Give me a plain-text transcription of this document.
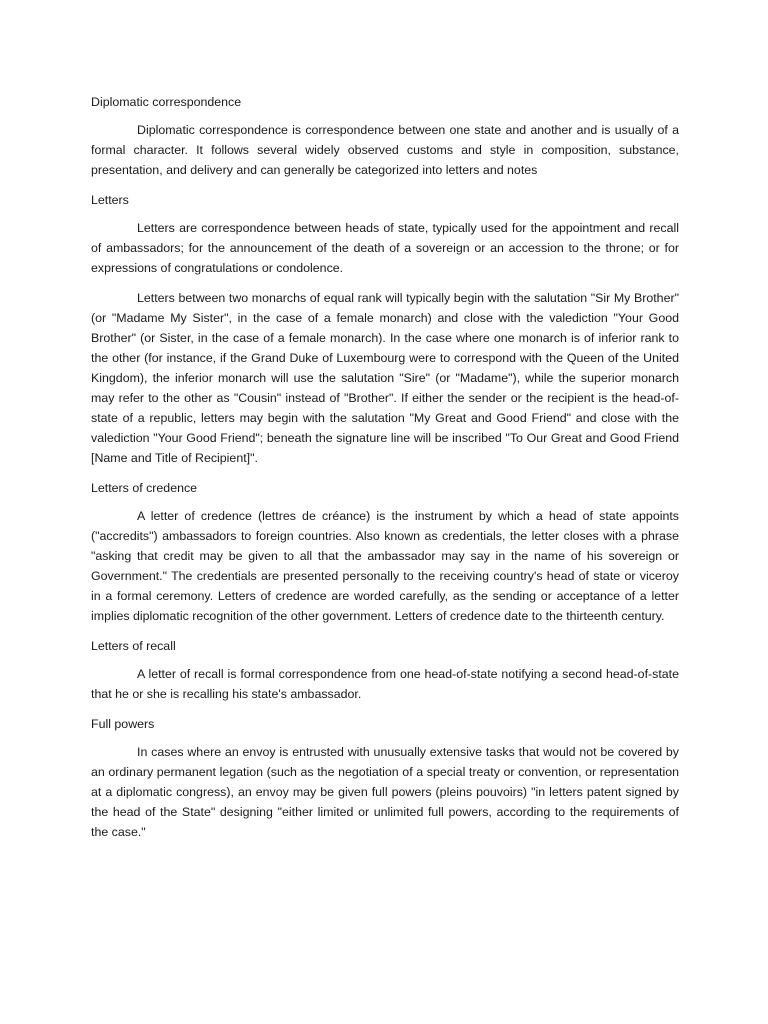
Diplomatic correspondence

Diplomatic correspondence is correspondence between one state and another and is usually of a formal character. It follows several widely observed customs and style in composition, substance, presentation, and delivery and can generally be categorized into letters and notes

Letters

Letters are correspondence between heads of state, typically used for the appointment and recall of ambassadors; for the announcement of the death of a sovereign or an accession to the throne; or for expressions of congratulations or condolence.

Letters between two monarchs of equal rank will typically begin with the salutation "Sir My Brother" (or "Madame My Sister", in the case of a female monarch) and close with the valediction "Your Good Brother" (or Sister, in the case of a female monarch). In the case where one monarch is of inferior rank to the other (for instance, if the Grand Duke of Luxembourg were to correspond with the Queen of the United Kingdom), the inferior monarch will use the salutation "Sire" (or "Madame"), while the superior monarch may refer to the other as "Cousin" instead of "Brother". If either the sender or the recipient is the head-of-state of a republic, letters may begin with the salutation "My Great and Good Friend" and close with the valediction "Your Good Friend"; beneath the signature line will be inscribed "To Our Great and Good Friend [Name and Title of Recipient]".

Letters of credence

A letter of credence (lettres de créance) is the instrument by which a head of state appoints ("accredits") ambassadors to foreign countries. Also known as credentials, the letter closes with a phrase "asking that credit may be given to all that the ambassador may say in the name of his sovereign or Government." The credentials are presented personally to the receiving country's head of state or viceroy in a formal ceremony. Letters of credence are worded carefully, as the sending or acceptance of a letter implies diplomatic recognition of the other government. Letters of credence date to the thirteenth century.

Letters of recall

A letter of recall is formal correspondence from one head-of-state notifying a second head-of-state that he or she is recalling his state's ambassador.

Full powers

In cases where an envoy is entrusted with unusually extensive tasks that would not be covered by an ordinary permanent legation (such as the negotiation of a special treaty or convention, or representation at a diplomatic congress), an envoy may be given full powers (pleins pouvoirs) "in letters patent signed by the head of the State" designing "either limited or unlimited full powers, according to the requirements of the case."
